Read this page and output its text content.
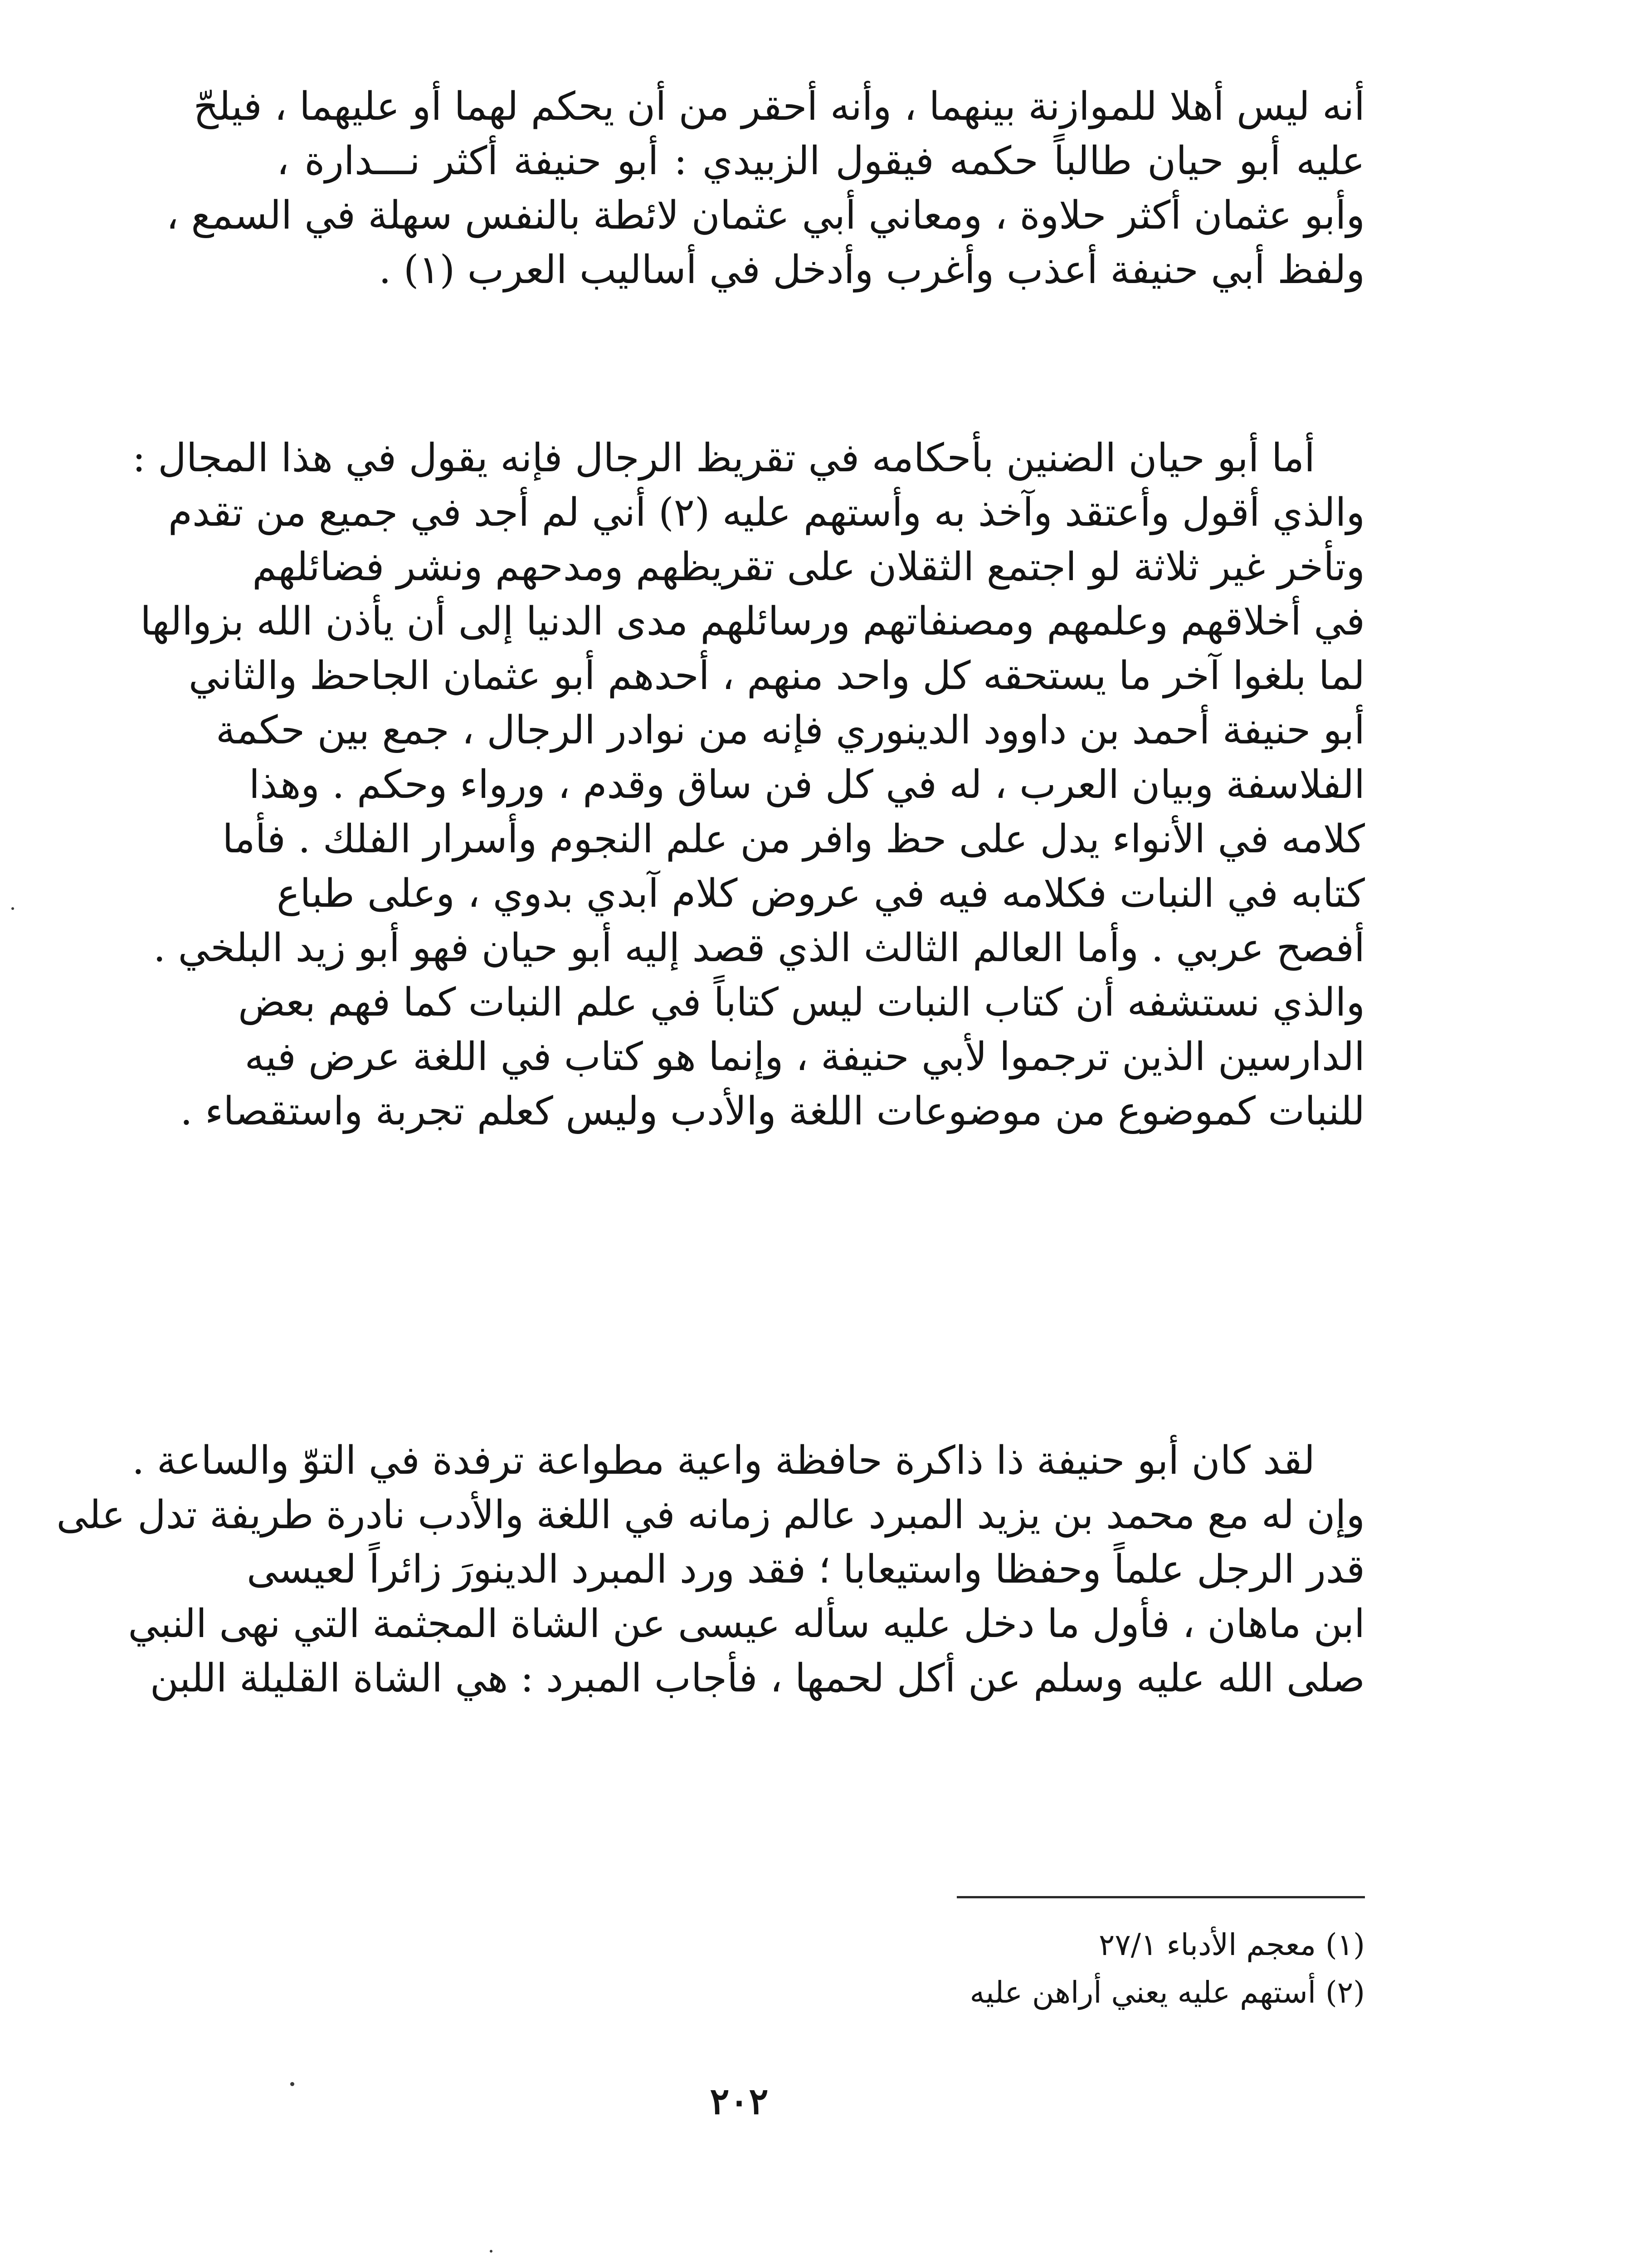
أنه ليس أهلا للموازنة بينهما ، وأنه أحقر من أن يحكم لهما أو عليهما ، فيلحّ
عليه أبو حيان طالباً حكمه فيقول الزبيدي : أبو حنيفة أكثر نـــدارة ،
وأبو عثمان أكثر حلاوة ، ومعاني أبي عثمان لائطة بالنفس سهلة في السمع ،
ولفظ أبي حنيفة أعذب وأغرب وأدخل في أساليب العرب (١) .
أما أبو حيان الضنين بأحكامه في تقريظ الرجال فإنه يقول في هذا المجال :
والذي أقول وأعتقد وآخذ به وأستهم عليه (٢) أني لم أجد في جميع من تقدم
وتأخر غير ثلاثة لو اجتمع الثقلان على تقريظهم ومدحهم ونشر فضائلهم
في أخلاقهم وعلمهم ومصنفاتهم ورسائلهم مدى الدنيا إلى أن يأذن الله بزوالها
لما بلغوا آخر ما يستحقه كل واحد منهم ، أحدهم أبو عثمان الجاحظ والثاني
أبو حنيفة أحمد بن داوود الدينوري فإنه من نوادر الرجال ، جمع بين حكمة
الفلاسفة وبيان العرب ، له في كل فن ساق وقدم ، ورواء وحكم . وهذا
كلامه في الأنواء يدل على حظ وافر من علم النجوم وأسرار الفلك . فأما
كتابه في النبات فكلامه فيه في عروض كلام آبدي بدوي ، وعلى طباع
أفصح عربي . وأما العالم الثالث الذي قصد إليه أبو حيان فهو أبو زيد البلخي .
والذي نستشفه أن كتاب النبات ليس كتاباً في علم النبات كما فهم بعض
الدارسين الذين ترجموا لأبي حنيفة ، وإنما هو كتاب في اللغة عرض فيه
للنبات كموضوع من موضوعات اللغة والأدب وليس كعلم تجربة واستقصاء .
لقد كان أبو حنيفة ذا ذاكرة حافظة واعية مطواعة ترفدة في التوّ والساعة .
وإن له مع محمد بن يزيد المبرد عالم زمانه في اللغة والأدب نادرة طريفة تدل على
قدر الرجل علماً وحفظا واستيعابا ؛ فقد ورد المبرد الدينورَ زائراً لعيسى
ابن ماهان ، فأول ما دخل عليه سأله عيسى عن الشاة المجثمة التي نهى النبي
صلى الله عليه وسلم عن أكل لحمها ، فأجاب المبرد : هي الشاة القليلة اللبن
(١) معجم الأدباء ٢٧/١
(٢) أستهم عليه يعني أراهن عليه
٢٠٢
